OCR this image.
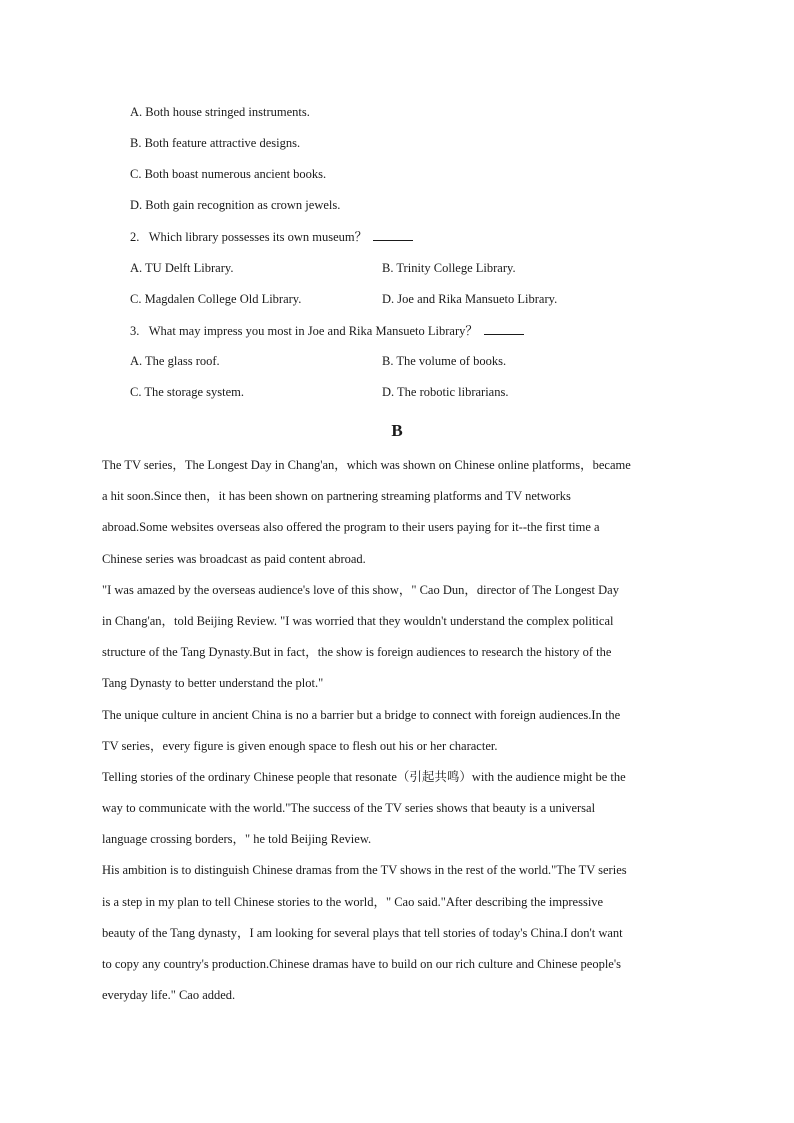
A. Both house stringed instruments.
B. Both feature attractive designs.
C. Both boast numerous ancient books.
D. Both gain recognition as crown jewels.
2. Which library possesses its own museum？
A. TU Delft Library.	B. Trinity College Library.
C. Magdalen College Old Library.	D. Joe and Rika Mansueto Library.
3. What may impress you most in Joe and Rika Mansueto Library？
A. The glass roof.	B. The volume of books.
C. The storage system.	D. The robotic librarians.
B
The TV series，The Longest Day in Chang'an，which was shown on Chinese online platforms，became
a hit soon.Since then，it has been shown on partnering streaming platforms and TV networks
abroad.Some websites overseas also offered the program to their users paying for it--the first time a
Chinese series was broadcast as paid content abroad.
"I was amazed by the overseas audience's love of this show，" Cao Dun，director of The Longest Day
in Chang'an，told Beijing Review. "I was worried that they wouldn't understand the complex political
structure of the Tang Dynasty.But in fact，the show is foreign audiences to research the history of the
Tang Dynasty to better understand the plot."
The unique culture in ancient China is no a barrier but a bridge to connect with foreign audiences.In the
TV series，every figure is given enough space to flesh out his or her character.
Telling stories of the ordinary Chinese people that resonate（引起共鸣）with the audience might be the
way to communicate with the world."The success of the TV series shows that beauty is a universal
language crossing borders，" he told Beijing Review.
His ambition is to distinguish Chinese dramas from the TV shows in the rest of the world."The TV series
is a step in my plan to tell Chinese stories to the world，" Cao said."After describing the impressive
beauty of the Tang dynasty，I am looking for several plays that tell stories of today's China.I don't want
to copy any country's production.Chinese dramas have to build on our rich culture and Chinese people's
everyday life." Cao added.
